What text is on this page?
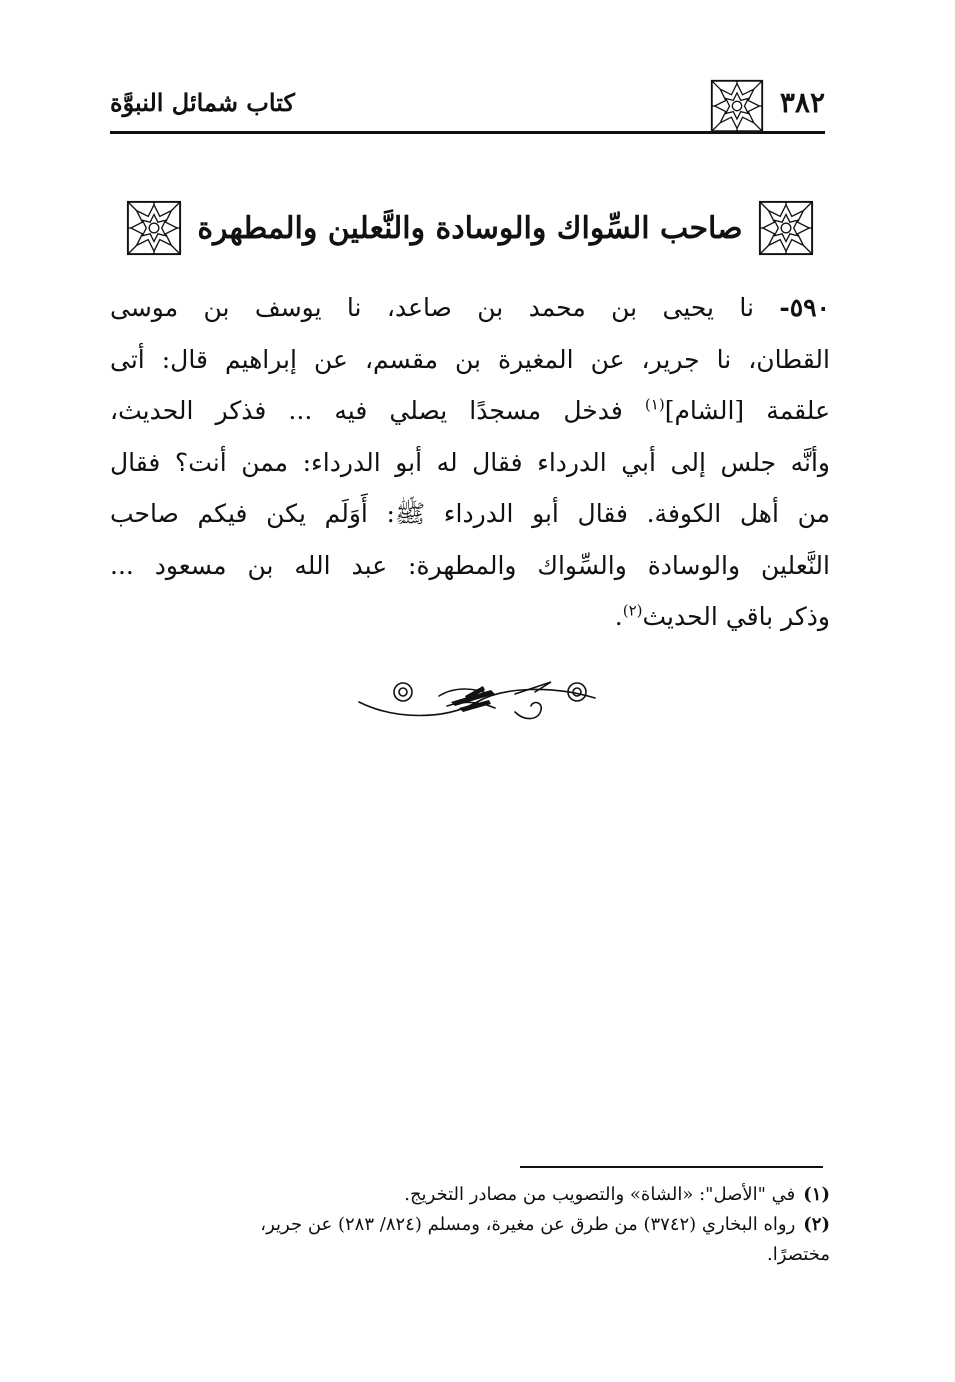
٣٨٢
كتاب شمائل النبوَّة
صاحب السِّواك والوسادة والنَّعلين والمطهرة
٥٩٠- نا يحيى بن محمد بن صاعد، نا يوسف بن موسى
القطان، نا جرير، عن المغيرة بن مقسم، عن إبراهيم قال: أتى
علقمة [الشام]$^{(١)}$ فدخل مسجدًا يصلي فيه ... فذكر الحديث،
وأنَّه جلس إلى أبي الدرداء فقال له أبو الدرداء: ممن أنت؟ فقال
من أهل الكوفة. فقال أبو الدرداء ﷺ: أَوَلَم يكن فيكم صاحب
النَّعلين والوسادة والسِّواك والمطهرة: عبد الله بن مسعود ...
وذكر باقي الحديث$^{(٢)}$.
(١)في "الأصل": «الشاة» والتصويب من مصادر التخريج.
(٢)رواه البخاري (٣٧٤٢) من طرق عن مغيرة، ومسلم (٨٢٤/ ٢٨٣) عن جرير،
مختصرًا.
